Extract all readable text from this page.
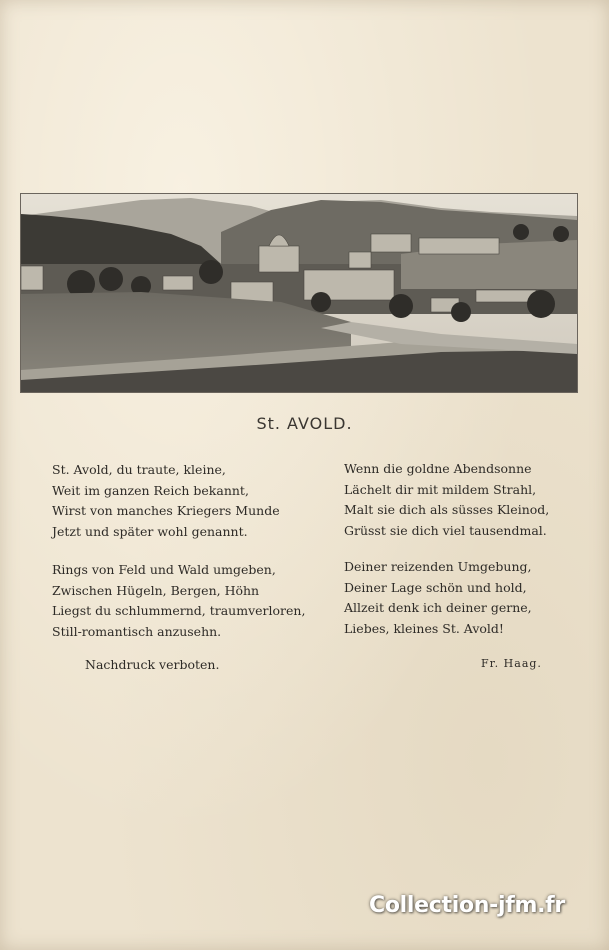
St. AVOLD.
St. Avold, du traute, kleine,
Weit im ganzen Reich bekannt,
Wirst von manches Kriegers Munde
Jetzt und später wohl genannt.
Rings von Feld und Wald umgeben,
Zwischen Hügeln, Bergen, Höhn
Liegst du schlummernd, traumverloren,
Still-romantisch anzusehn.
Wenn die goldne Abendsonne
Lächelt dir mit mildem Strahl,
Malt sie dich als süsses Kleinod,
Grüsst sie dich viel tausendmal.
Deiner reizenden Umgebung,
Deiner Lage schön und hold,
Allzeit denk ich deiner gerne,
Liebes, kleines St. Avold!
Nachdruck verboten.	Fr. Haag.
Collection-jfm.fr
